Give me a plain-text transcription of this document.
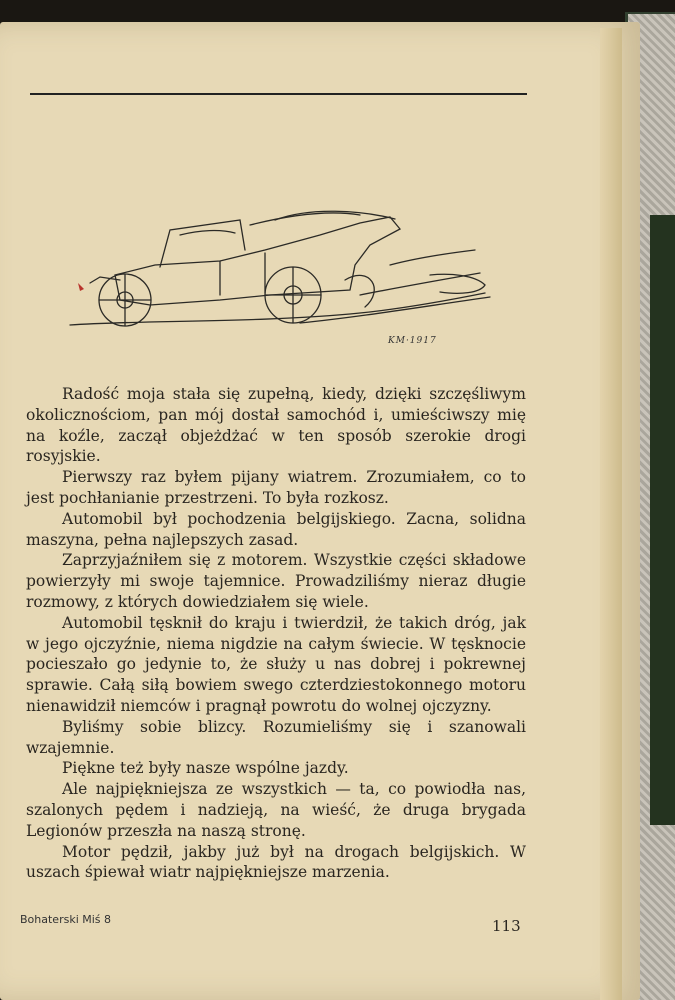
KM·1917

Radość moja stała się zupełną, kiedy, dzięki szczęśliwym okolicznościom, pan mój dostał samochód i, umieściwszy mię na koźle, zaczął objeżdżać w ten sposób szerokie drogi rosyjskie.

Pierwszy raz byłem pijany wiatrem. Zrozumiałem, co to jest pochłanianie przestrzeni. To była rozkosz.

Automobil był pochodzenia belgijskiego. Zacna, solidna maszyna, pełna najlepszych zasad.

Zaprzyjaźniłem się z motorem. Wszystkie części składowe powierzyły mi swoje tajemnice. Prowadziliśmy nieraz długie rozmowy, z których dowiedziałem się wiele.

Automobil tęsknił do kraju i twierdził, że takich dróg, jak w jego ojczyźnie, niema nigdzie na całym świecie. W tęsknocie pocieszało go jedynie to, że służy u nas dobrej i pokrewnej sprawie. Całą siłą bowiem swego czterdziestokonnego motoru nienawidził niemców i pragnął powrotu do wolnej ojczyzny.

Byliśmy sobie blizcy. Rozumieliśmy się i szanowali wzajemnie.

Piękne też były nasze wspólne jazdy.

Ale najpiękniejsza ze wszystkich — ta, co powiodła nas, szalonych pędem i nadzieją, na wieść, że druga brygada Legionów przeszła na naszą stronę.

Motor pędził, jakby już był na drogach belgijskich. W uszach śpiewał wiatr najpiękniejsze marzenia.

Bohaterski Miś 8	113
